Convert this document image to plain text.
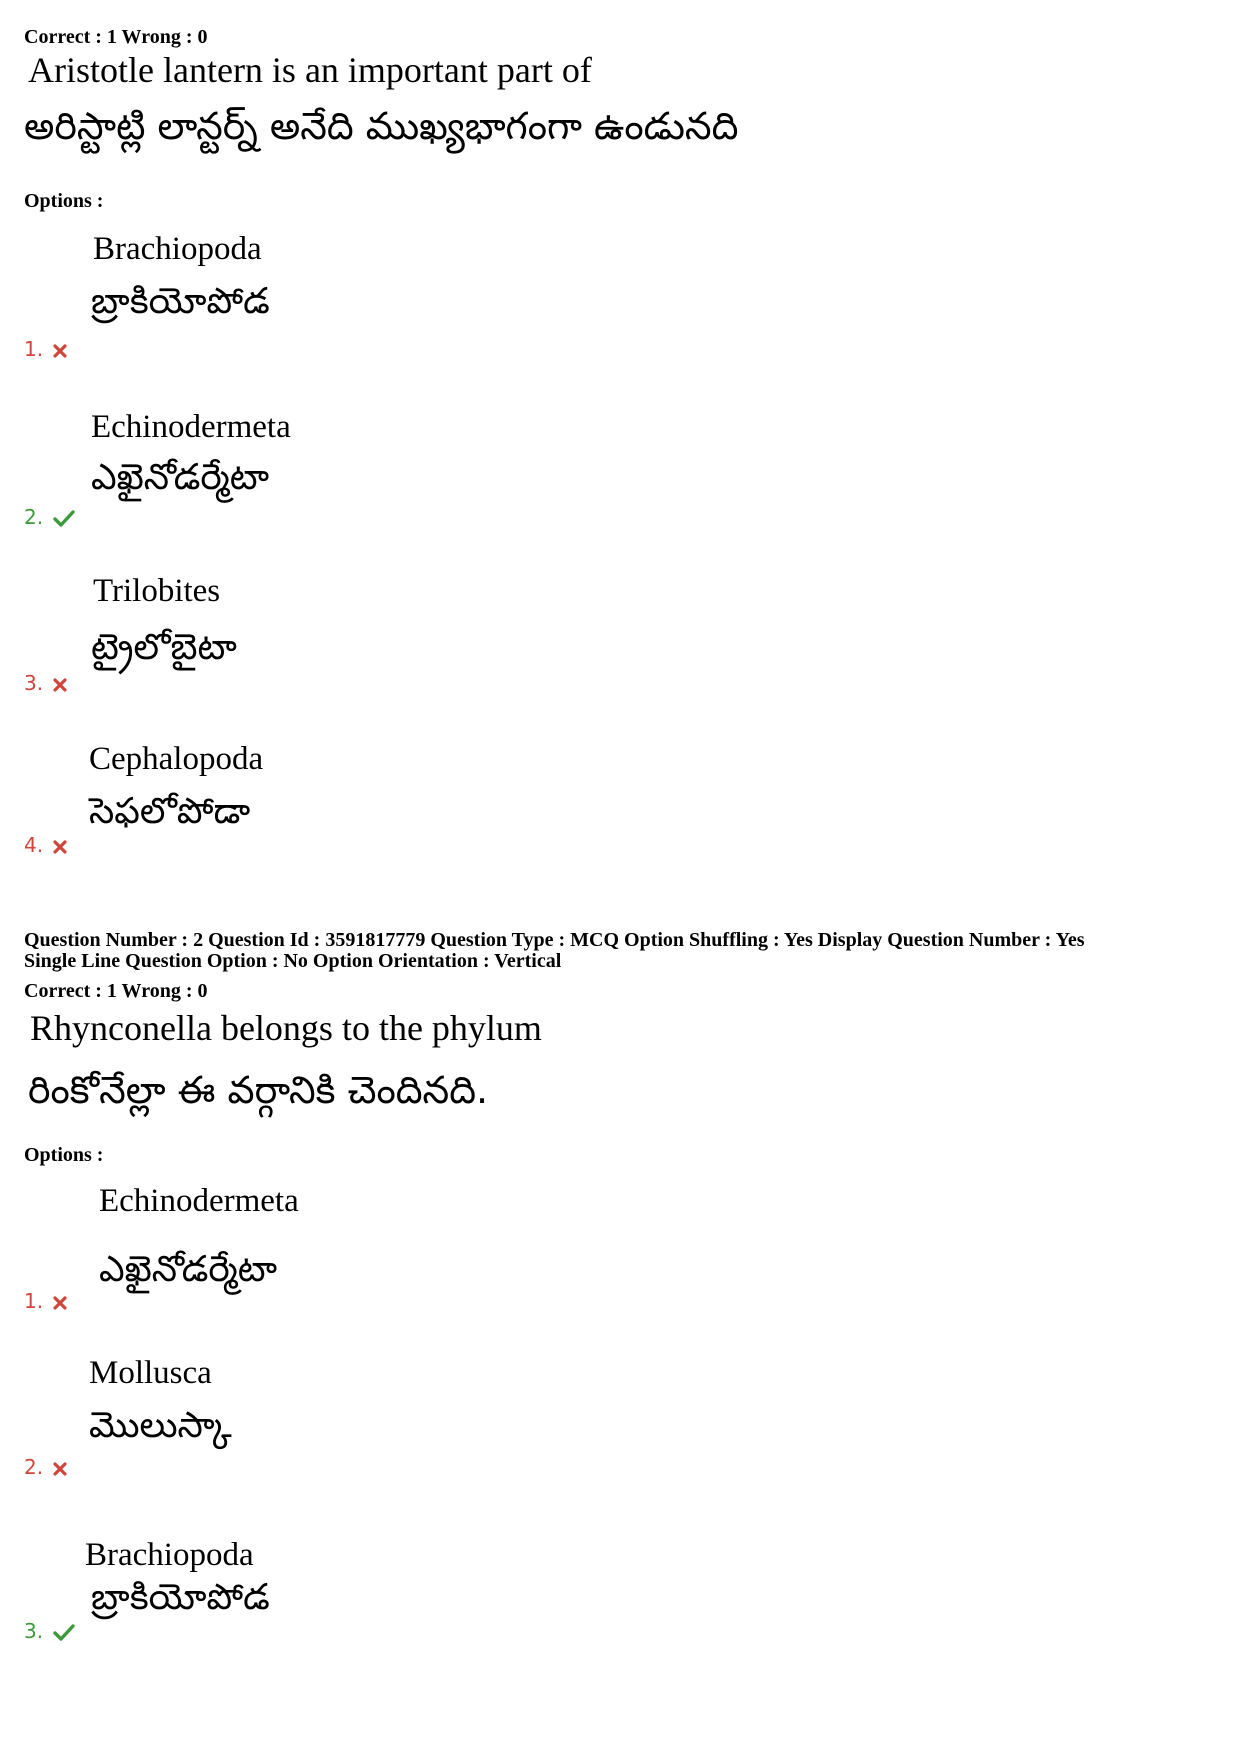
Correct : 1 Wrong : 0
Aristotle lantern is an important part of
అరిస్టాట్లి లాన్టర్న్ అనేది ముఖ్యభాగంగా ఉండునది
Options :
Brachiopoda
బ్రాకియోపోడ
1.
Echinodermeta
ఎఖైనోడర్మేటా
2.
Trilobites
ట్రైలోబైటా
3.
Cephalopoda
సెఫలోపోడా
4.
Question Number : 2 Question Id : 3591817779 Question Type : MCQ Option Shuffling : Yes Display Question Number : Yes
Single Line Question Option : No Option Orientation : Vertical
Correct : 1 Wrong : 0
Rhynconella belongs to the phylum
రింకోనేల్లా ఈ వర్గానికి చెందినది.
Options :
Echinodermeta
ఎఖైనోడర్మేటా
1.
Mollusca
మొలుస్కా
2.
Brachiopoda
బ్రాకియోపోడ
3.
